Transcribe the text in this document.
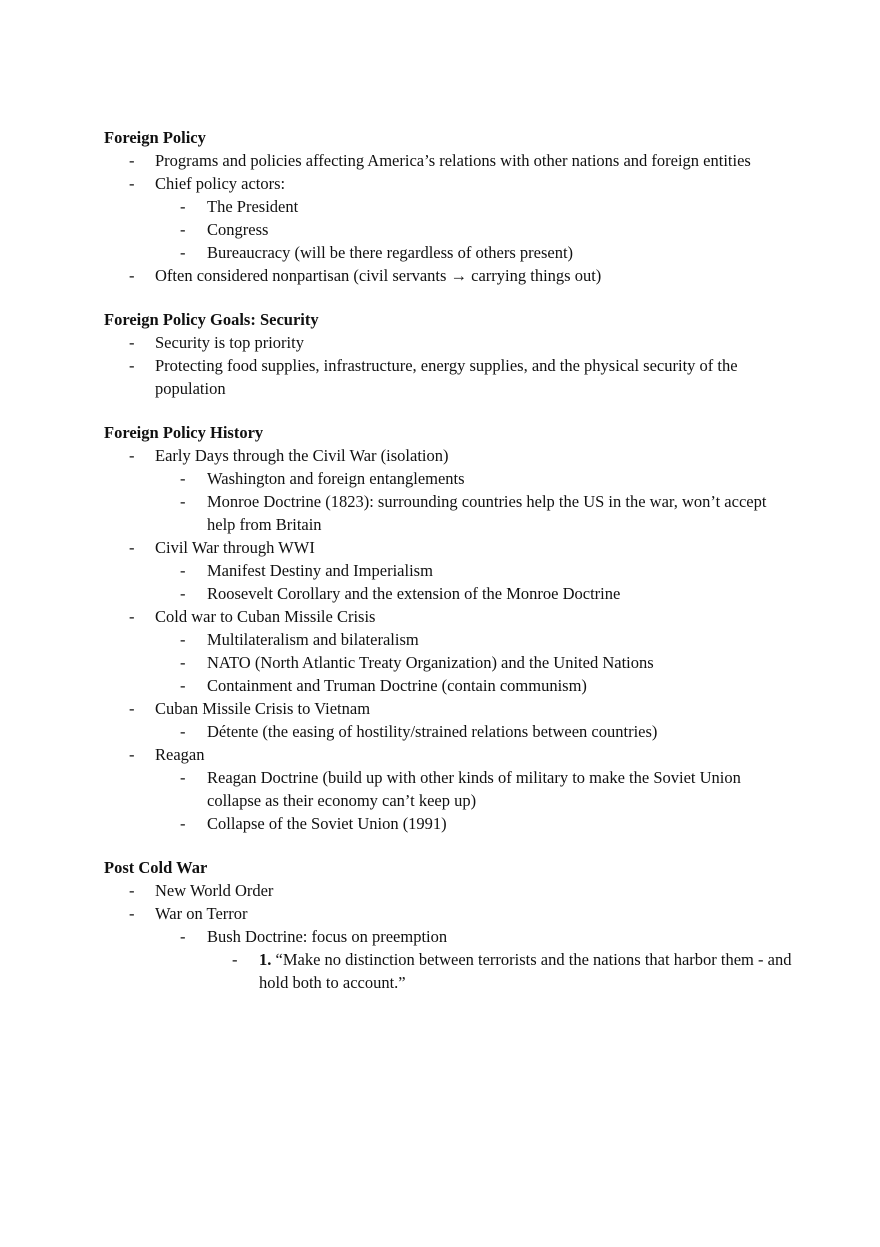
Foreign Policy
- Programs and policies affecting America’s relations with other nations and foreign entities
- Chief policy actors:
- The President
- Congress
- Bureaucracy (will be there regardless of others present)
- Often considered nonpartisan (civil servants → carrying things out)
Foreign Policy Goals: Security
- Security is top priority
- Protecting food supplies, infrastructure, energy supplies, and the physical security of the population
Foreign Policy History
- Early Days through the Civil War (isolation)
- Washington and foreign entanglements
- Monroe Doctrine (1823): surrounding countries help the US in the war, won’t accept help from Britain
- Civil War through WWI
- Manifest Destiny and Imperialism
- Roosevelt Corollary and the extension of the Monroe Doctrine
- Cold war to Cuban Missile Crisis
- Multilateralism and bilateralism
- NATO (North Atlantic Treaty Organization) and the United Nations
- Containment and Truman Doctrine (contain communism)
- Cuban Missile Crisis to Vietnam
- Détente (the easing of hostility/strained relations between countries)
- Reagan
- Reagan Doctrine (build up with other kinds of military to make the Soviet Union collapse as their economy can’t keep up)
- Collapse of the Soviet Union (1991)
Post Cold War
- New World Order
- War on Terror
- Bush Doctrine: focus on preemption
- 1. “Make no distinction between terrorists and the nations that harbor them - and hold both to account.”
